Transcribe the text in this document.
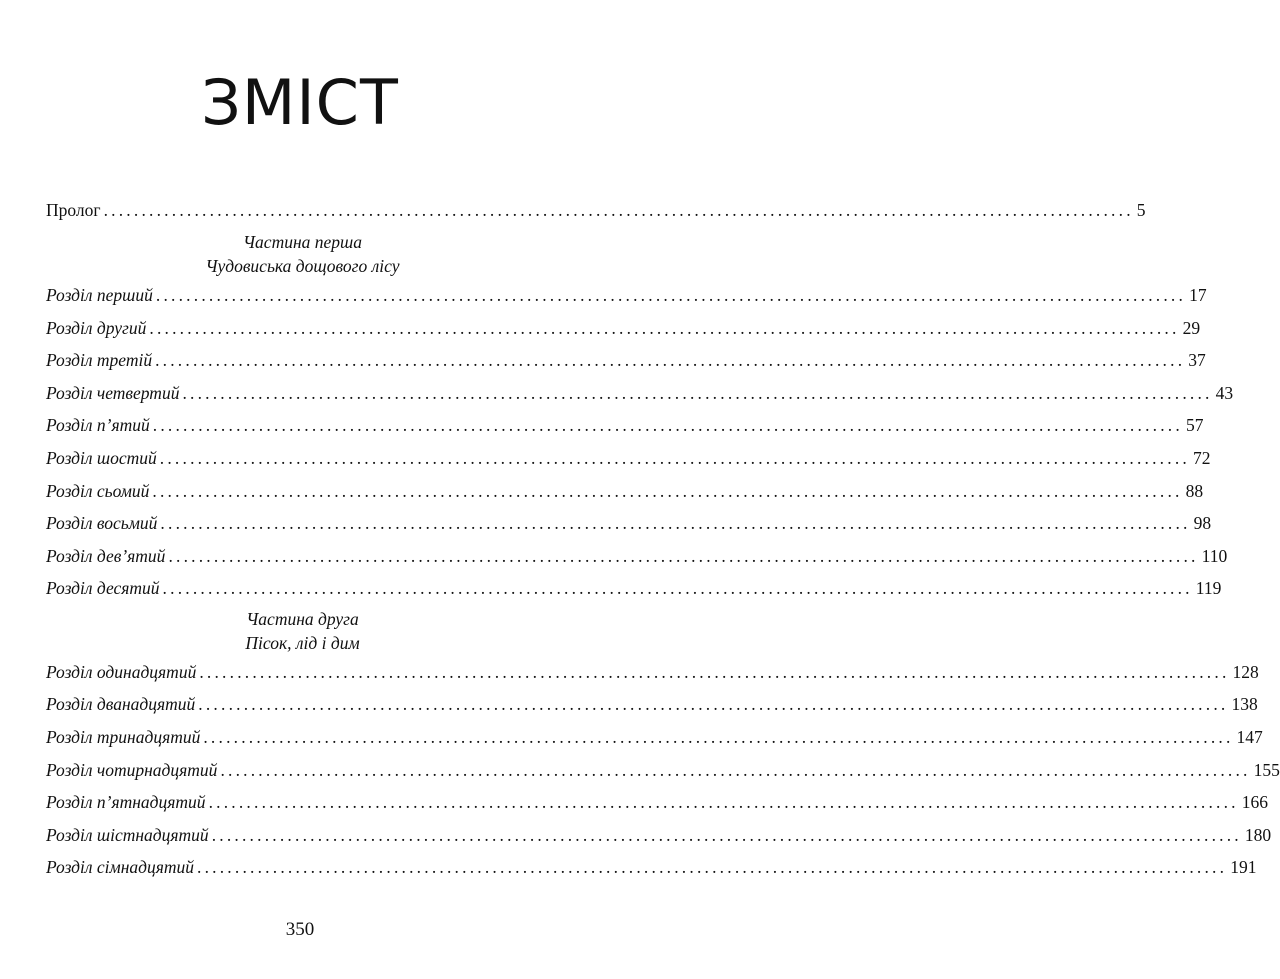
ЗМІСТ
Пролог ........................................................................................................................................ 5
Розділ перший ........................................................................................................................................ 17
Розділ другий ........................................................................................................................................ 29
Розділ третій ........................................................................................................................................ 37
Розділ четвертий ........................................................................................................................................ 43
Розділ п’ятий ........................................................................................................................................ 57
Розділ шостий ........................................................................................................................................ 72
Розділ сьомий ........................................................................................................................................ 88
Розділ восьмий ........................................................................................................................................ 98
Розділ дев’ятий ........................................................................................................................................ 110
Розділ десятий ........................................................................................................................................ 119
Розділ одинадцятий ........................................................................................................................................ 128
Розділ дванадцятий ........................................................................................................................................ 138
Розділ тринадцятий ........................................................................................................................................ 147
Розділ чотирнадцятий ........................................................................................................................................ 155
Розділ п’ятнадцятий ........................................................................................................................................ 166
Розділ шістнадцятий ........................................................................................................................................ 180
Розділ сімнадцятий ........................................................................................................................................ 191
Частина перша
Чудовиська дощового лісу
Частина друга
Пісок, лід і дим
350
